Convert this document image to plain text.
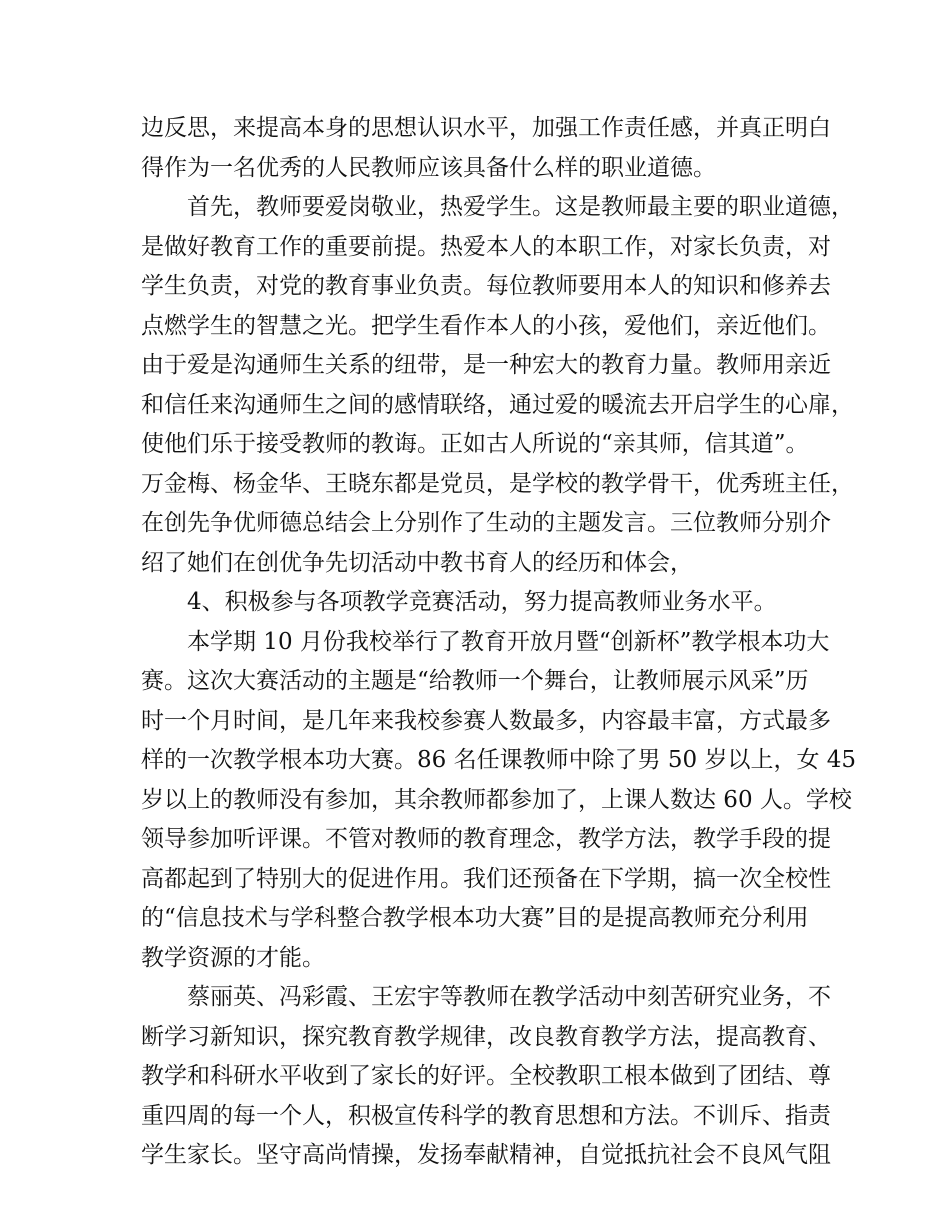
边反思，来提高本身的思想认识水平，加强工作责任感，并真正明白
得作为一名优秀的人民教师应该具备什么样的职业道德。
首先，教师要爱岗敬业，热爱学生。这是教师最主要的职业道德，
是做好教育工作的重要前提。热爱本人的本职工作，对家长负责，对
学生负责，对党的教育事业负责。每位教师要用本人的知识和修养去
点燃学生的智慧之光。把学生看作本人的小孩，爱他们，亲近他们。
由于爱是沟通师生关系的纽带，是一种宏大的教育力量。教师用亲近
和信任来沟通师生之间的感情联络，通过爱的暖流去开启学生的心扉，
使他们乐于接受教师的教诲。正如古人所说的“亲其师，信其道”。
万金梅、杨金华、王晓东都是党员，是学校的教学骨干，优秀班主任，
在创先争优师德总结会上分别作了生动的主题发言。三位教师分别介
绍了她们在创优争先切活动中教书育人的经历和体会，
4、积极参与各项教学竞赛活动，努力提高教师业务水平。
本学期 10 月份我校举行了教育开放月暨“创新杯”教学根本功大
赛。这次大赛活动的主题是“给教师一个舞台，让教师展示风采”历
时一个月时间，是几年来我校参赛人数最多，内容最丰富，方式最多
样的一次教学根本功大赛。86 名任课教师中除了男 50 岁以上，女 45
岁以上的教师没有参加，其余教师都参加了，上课人数达 60 人。学校
领导参加听评课。不管对教师的教育理念，教学方法，教学手段的提
高都起到了特别大的促进作用。我们还预备在下学期，搞一次全校性
的“信息技术与学科整合教学根本功大赛”目的是提高教师充分利用
教学资源的才能。
蔡丽英、冯彩霞、王宏宇等教师在教学活动中刻苦研究业务，不
断学习新知识，探究教育教学规律，改良教育教学方法，提高教育、
教学和科研水平收到了家长的好评。全校教职工根本做到了团结、尊
重四周的每一个人，积极宣传科学的教育思想和方法。不训斥、指责
学生家长。坚守高尚情操，发扬奉献精神，自觉抵抗社会不良风气阻
